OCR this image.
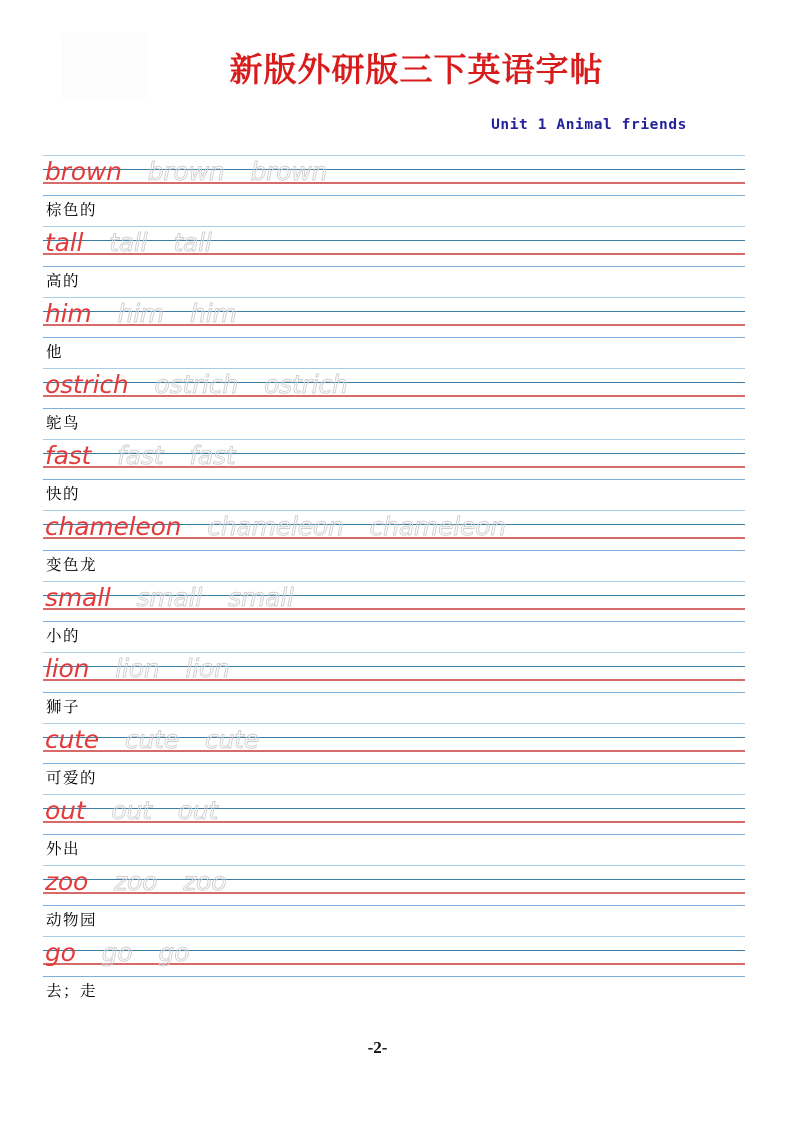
新版外研版三下英语字帖
Unit 1 Animal friends
brown brown brown
棕色的
tall tall tall
高的
him him him
他
ostrich ostrich ostrich
鸵鸟
fast fast fast
快的
chameleon chameleon chameleon
变色龙
small small small
小的
lion lion lion
狮子
cute cute cute
可爱的
out out out
外出
zoo zoo zoo
动物园
go go go
去；走
-2-
